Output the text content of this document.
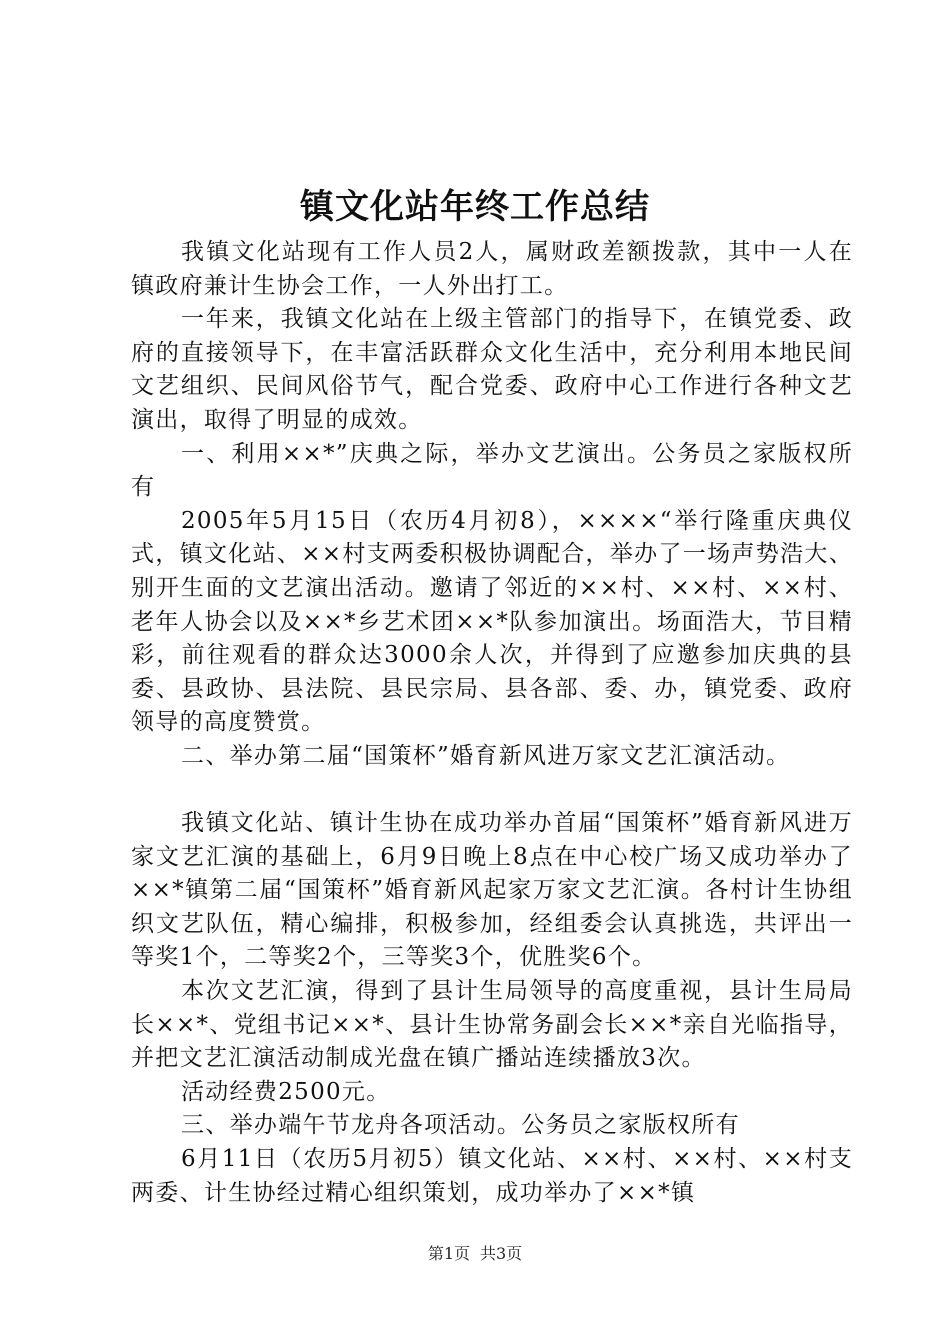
镇文化站年终工作总结

我镇文化站现有工作人员2人，属财政差额拨款，其中一人在镇政府兼计生协会工作，一人外出打工。

一年来，我镇文化站在上级主管部门的指导下，在镇党委、政府的直接领导下，在丰富活跃群众文化生活中，充分利用本地民间文艺组织、民间风俗节气，配合党委、政府中心工作进行各种文艺演出，取得了明显的成效。

一、利用××*”庆典之际，举办文艺演出。公务员之家版权所有

2005年5月15日（农历4月初8），××××“举行隆重庆典仪式，镇文化站、××村支两委积极协调配合，举办了一场声势浩大、别开生面的文艺演出活动。邀请了邻近的××村、××村、××村、老年人协会以及××*乡艺术团××*队参加演出。场面浩大，节目精彩，前往观看的群众达3000余人次，并得到了应邀参加庆典的县委、县政协、县法院、县民宗局、县各部、委、办，镇党委、政府领导的高度赞赏。

二、举办第二届“国策杯”婚育新风进万家文艺汇演活动。

我镇文化站、镇计生协在成功举办首届“国策杯”婚育新风进万家文艺汇演的基础上，6月9日晚上8点在中心校广场又成功举办了××*镇第二届“国策杯”婚育新风起家万家文艺汇演。各村计生协组织文艺队伍，精心编排，积极参加，经组委会认真挑选，共评出一等奖1个，二等奖2个，三等奖3个，优胜奖6个。

本次文艺汇演，得到了县计生局领导的高度重视，县计生局局长××*、党组书记××*、县计生协常务副会长××*亲自光临指导，并把文艺汇演活动制成光盘在镇广播站连续播放3次。

活动经费2500元。

三、举办端午节龙舟各项活动。公务员之家版权所有

6月11日（农历5月初5）镇文化站、××村、××村、××村支两委、计生协经过精心组织策划，成功举办了××*镇

第1页 共3页
